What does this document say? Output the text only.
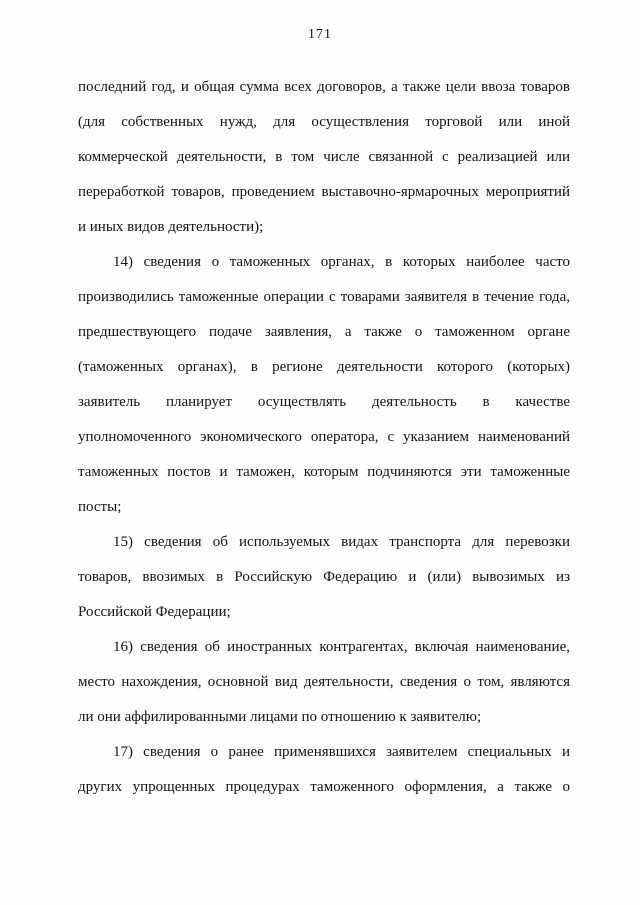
171
последний год, и общая сумма всех договоров, а также цели ввоза товаров
(для собственных нужд, для осуществления торговой или иной
коммерческой деятельности, в том числе связанной с реализацией или
переработкой товаров, проведением выставочно-ярмарочных мероприятий
и иных видов деятельности);
14) сведения о таможенных органах, в которых наиболее часто
производились таможенные операции с товарами заявителя в течение года,
предшествующего подаче заявления, а также о таможенном органе
(таможенных органах), в регионе деятельности которого (которых)
заявитель планирует осуществлять деятельность в качестве
уполномоченного экономического оператора, с указанием наименований
таможенных постов и таможен, которым подчиняются эти таможенные
посты;
15) сведения об используемых видах транспорта для перевозки
товаров, ввозимых в Российскую Федерацию и (или) вывозимых из
Российской Федерации;
16) сведения об иностранных контрагентах, включая наименование,
место нахождения, основной вид деятельности, сведения о том, являются
ли они аффилированными лицами по отношению к заявителю;
17) сведения о ранее применявшихся заявителем специальных и
других упрощенных процедурах таможенного оформления, а также о
